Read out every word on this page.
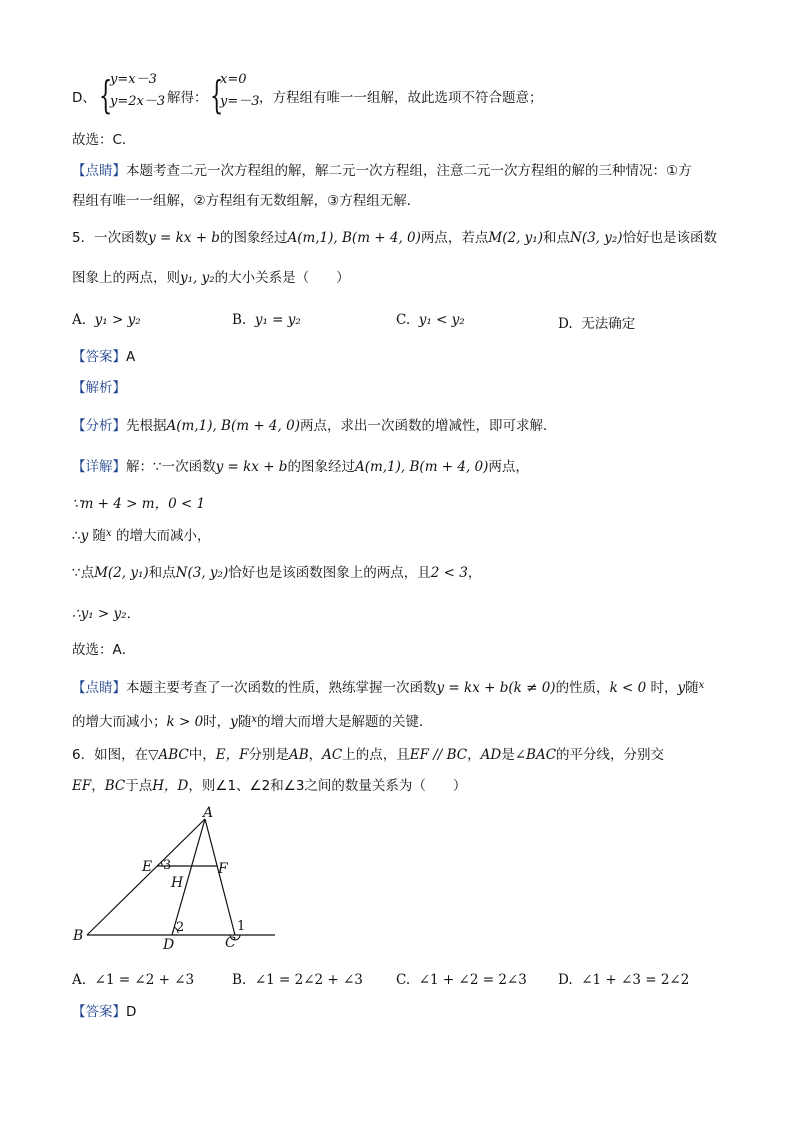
D、 {
y=x－3
y=2x－3 解得： {
x=0
y=－3 ，方程组有唯一一组解，故此选项不符合题意；
故选：C．
【点睛】本题考查二元一次方程组的解，解二元一次方程组，注意二元一次方程组的解的三种情况：①方
程组有唯一一组解，②方程组有无数组解，③方程组无解．
5．一次函数y = kx + b的图象经过A(m,1), B(m + 4, 0)两点，若点M(2, y₁)和点N(3, y₂)恰好也是该函数
图象上的两点，则y₁, y₂的大小关系是（　　）
A. y₁ > y₂	B. y₁ = y₂	C. y₁ < y₂	D. 无法确定
【答案】A
【解析】
【分析】先根据A(m,1), B(m + 4, 0)两点，求出一次函数的增减性，即可求解．
【详解】解：∵一次函数y = kx + b的图象经过A(m,1), B(m + 4, 0)两点，
∵m + 4 > m，0 < 1
∴y 随$^x$ 的增大而减小，
∵点M(2, y₁)和点N(3, y₂)恰好也是该函数图象上的两点，且2 < 3，
∴y₁ > y₂．
故选：A．
【点睛】本题主要考查了一次函数的性质，熟练掌握一次函数y = kx + b(k ≠ 0)的性质，k < 0 时，y随$^x$
的增大而减小；k > 0时，y随$^x$的增大而增大是解题的关键．
6．如图，在▽ABC中，E，F分别是AB，AC上的点，且EF // BC，AD是∠BAC的平分线，分别交
EF，BC于点H，D，则∠1、∠2和∠3之间的数量关系为（　　）
A
B	C
D
E	F
H
3
2	1
A. ∠1 = ∠2 + ∠3	B. ∠1 = 2∠2 + ∠3 C. ∠1 + ∠2 = 2∠3 D. ∠1 + ∠3 = 2∠2
【答案】D
